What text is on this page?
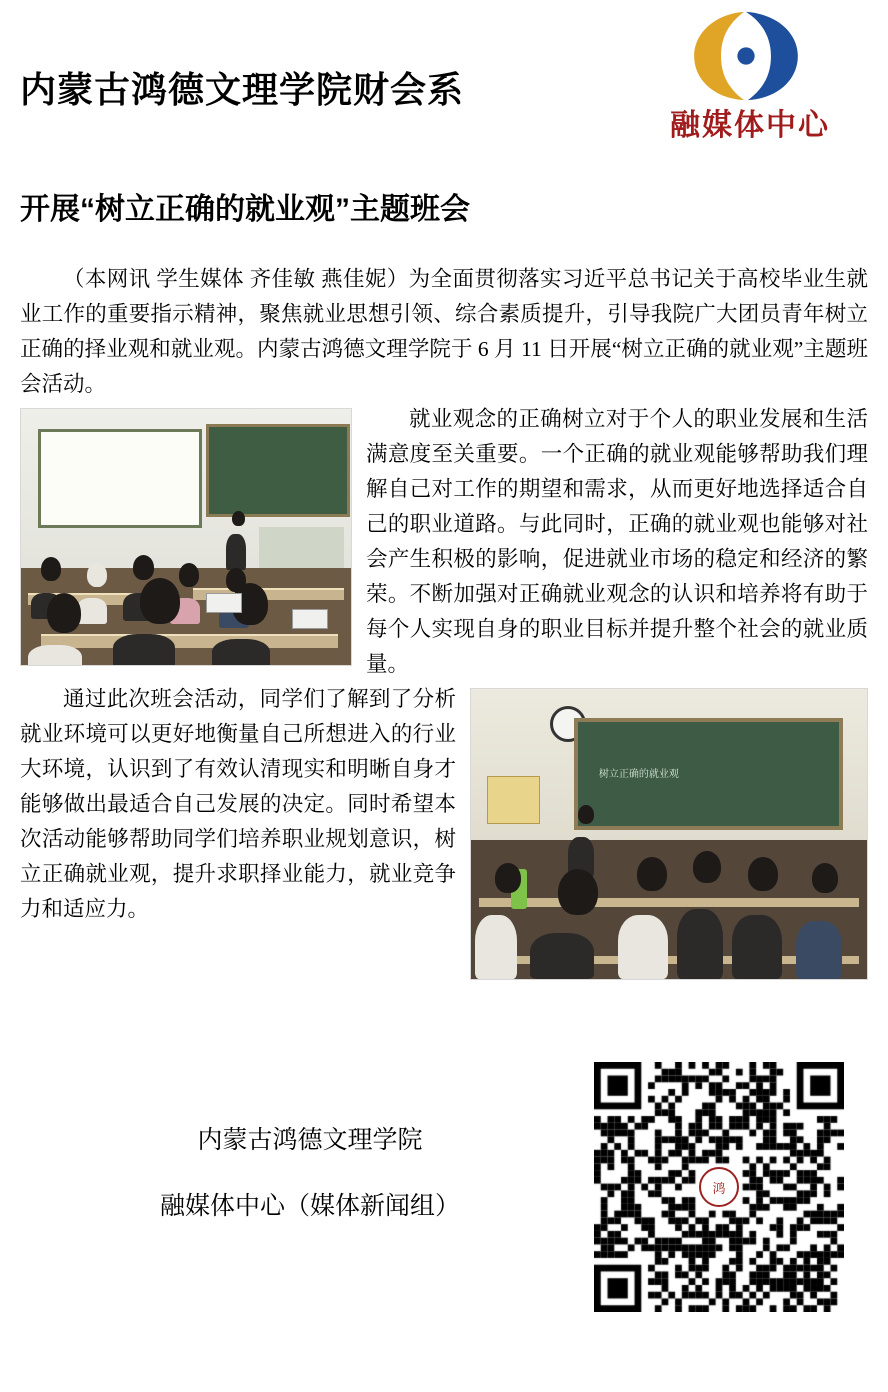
内蒙古鸿德文理学院财会系
融媒体中心
开展“树立正确的就业观”主题班会

（本网讯 学生媒体 齐佳敏 燕佳妮）为全面贯彻落实习近平总书记关于高校毕业生就业工作的重要指示精神，聚焦就业思想引领、综合素质提升，引导我院广大团员青年树立正确的择业观和就业观。内蒙古鸿德文理学院于 6 月 11 日开展“树立正确的就业观”主题班会活动。

就业观念的正确树立对于个人的职业发展和生活满意度至关重要。一个正确的就业观能够帮助我们理解自己对工作的期望和需求，从而更好地选择适合自己的职业道路。与此同时，正确的就业观也能够对社会产生积极的影响，促进就业市场的稳定和经济的繁荣。不断加强对正确就业观念的认识和培养将有助于每个人实现自身的职业目标并提升整个社会的就业质量。

树立正确的就业观

通过此次班会活动，同学们了解到了分析就业环境可以更好地衡量自己所想进入的行业大环境，认识到了有效认清现实和明晰自身才能够做出最适合自己发展的决定。同时希望本次活动能够帮助同学们培养职业规划意识，树立正确就业观，提升求职择业能力，就业竞争力和适应力。

内蒙古鸿德文理学院
融媒体中心（媒体新闻组）
鸿
